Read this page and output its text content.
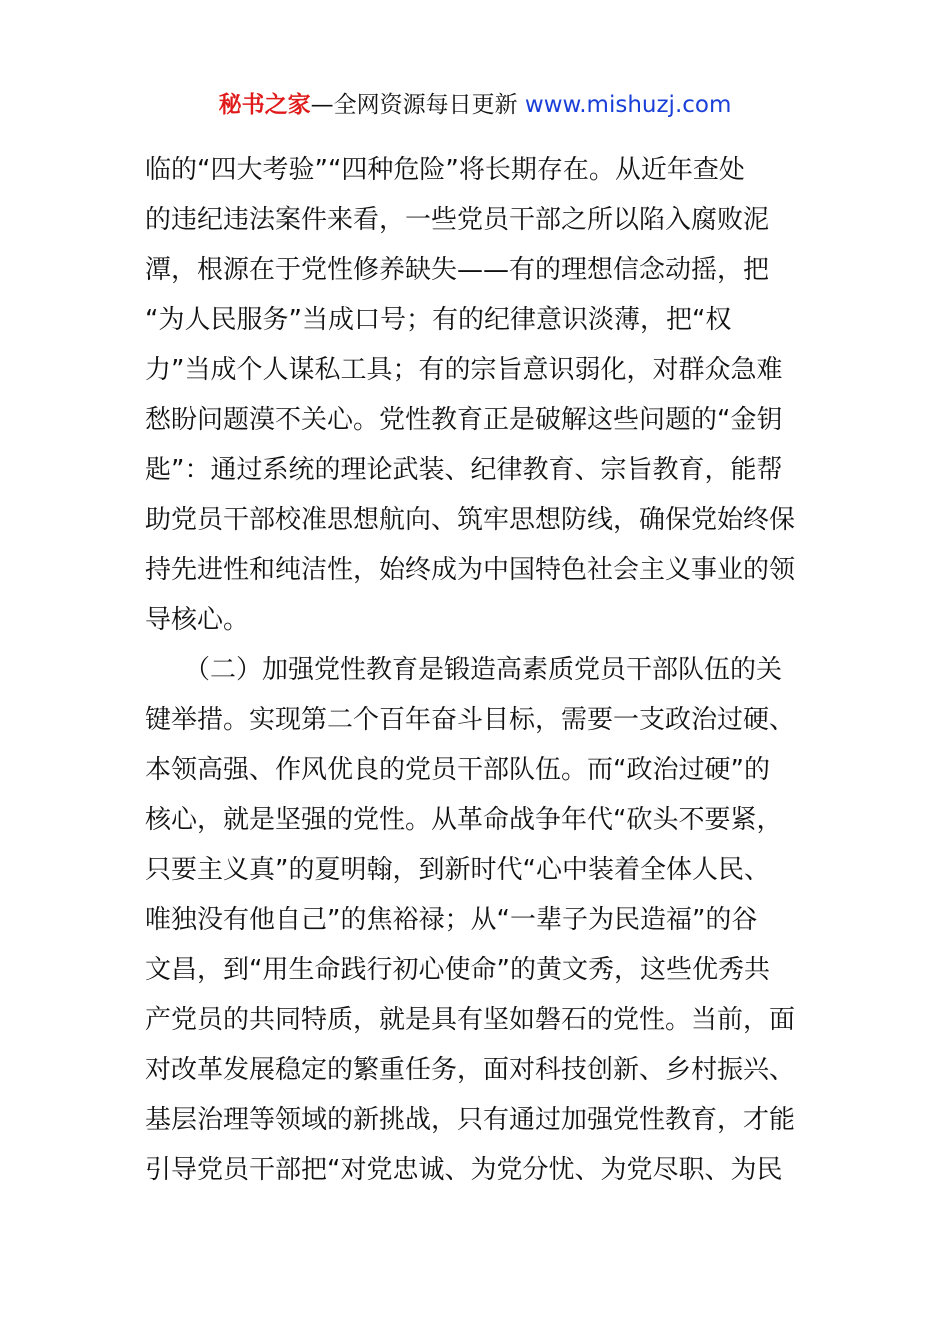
秘书之家—全网资源每日更新 www.mishuzj.com
临的“四大考验”“四种危险”将长期存在。从近年查处
的违纪违法案件来看，一些党员干部之所以陷入腐败泥
潭，根源在于党性修养缺失——有的理想信念动摇，把
“为人民服务”当成口号；有的纪律意识淡薄，把“权
力”当成个人谋私工具；有的宗旨意识弱化，对群众急难
愁盼问题漠不关心。党性教育正是破解这些问题的“金钥
匙”：通过系统的理论武装、纪律教育、宗旨教育，能帮
助党员干部校准思想航向、筑牢思想防线，确保党始终保
持先进性和纯洁性，始终成为中国特色社会主义事业的领
导核心。
　　（二）加强党性教育是锻造高素质党员干部队伍的关
键举措。实现第二个百年奋斗目标，需要一支政治过硬、
本领高强、作风优良的党员干部队伍。而“政治过硬”的
核心，就是坚强的党性。从革命战争年代“砍头不要紧，
只要主义真”的夏明翰，到新时代“心中装着全体人民、
唯独没有他自己”的焦裕禄；从“一辈子为民造福”的谷
文昌，到“用生命践行初心使命”的黄文秀，这些优秀共
产党员的共同特质，就是具有坚如磐石的党性。当前，面
对改革发展稳定的繁重任务，面对科技创新、乡村振兴、
基层治理等领域的新挑战，只有通过加强党性教育，才能
引导党员干部把“对党忠诚、为党分忧、为党尽职、为民
